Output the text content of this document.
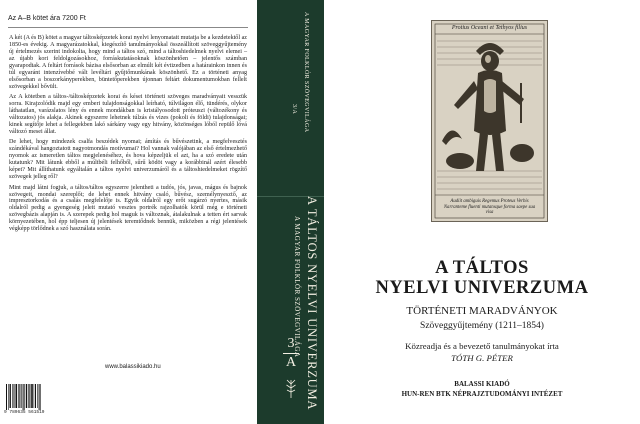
Az A–B kötet ára 7200 Ft

A két (A és B) kötet a magyar táltosképzetek korai nyelvi lenyomatait mutatja be a kezdetektől az 1850-es évekig. A magyarázatokkal, kiegészítő tanulmányokkal összeállított szöveggyűjtemény új értelmezés szerint indokolta, hogy mind a táltos szó, mind a táltoshiedelmek nyelvi elemei – az újabb kori feldolgozásokhoz, forráskutatásoknak köszönhetően – jelentős számban gyarapodtak. A feltárt források bázisa elsősorban az elmúlt két évtizedben a határainkon innen és túl egyaránt intenzívebbé vált levéltári gyűjtőmunkának köszönhető. Ez a történeti anyag elsősorban a boszorkányperekben, büntetőperekben újonnan feltárt dokumentumokban fellelt szövegekkel bővült.

Az A kötetben a táltos-/táltosképzetek korai és kései történeti szöveges maradványait vesszük sorra. Kirajzolódik majd egy emberi tulajdonságokkal leírható, túlvilágon élő, tündérés, olykor láthatatlan, varázslatos lény és ennek mondákban is kristályosodott próteuszi (változékony és változatos) jós alakja. Akinek egyszerre lehetnek túlzás és vizes (pokoli és földi) tulajdonságai; kinek segítője lehet a fellegekben lakó sárkány vagy egy hitvány, közönséges lóból repülő lóvá változó mesei állat.

De lehet, hogy mindezek csalfa beszédek nyomai; ámítás és bűvészetink, a megfelvesztés szándékával hangoztatott nagyotmondás motívumai? Hol vannak valójában az első értelmezhető nyomok az ismeretlen táltos megjelenéséhez, és hova képzeljük el azt, ha a szó eredete után kutatunk? Mit látunk ebből a múltbéli felhőből, sűrű ködöt vagy a korábbinál azért élesebb képet? Mit állíthatunk egyáltalán a táltos nyelvi univerzumáról és a táltoshiedelmeket rögzítő szövegek jelleg ről?

Mint majd látni fogjuk, a táltos/táltos egyszerre jelentheti a tudós, jós, javas, mágus és bajnok szövegeit, mondai szereplőt; de lehet ennek hitvány csaló, bűvész, személynyesztő, az impresztorkodás és a csalás megfelelője is. Egyik oldalról egy erőt sugárzó nyertes, másik oldalról pedig a gyengeség jeleit mutató vesztes portrék rajzolhatók körül még e történeti szövegbázis alapján is. A szerepek pedig hol maguk is változnak, átalakulnak a tetten ért sarvak környezetében, hol épp teljesen új jelentések teremtődnek bennük, miközben a régi jelentések végképp törlődnek a szó használata során.

www.balassikiado.hu
9 789635 561519
A MAGYAR FOLKLÓR SZÖVEGVILÁGA
3/A
A TÁLTOS NYELVI UNIVERZUMA
A MAGYAR FOLKLÓR SZÖVEGVILÁGA
3
A
Protius Oceani et Tethyos filius
Audiit ambiguis Regemus Proteus Verbis Narranteme fluenti mutansque forma saepe sua visa
A TÁLTOS
NYELVI UNIVERZUMA
TÖRTÉNETI MARADVÁNYOK
Szöveggyűjtemény (1211–1854)
Közreadja és a bevezető tanulmányokat írta
TÓTH G. PÉTER
BALASSI KIADÓ
HUN-REN BTK NÉPRAJZTUDOMÁNYI INTÉZET
